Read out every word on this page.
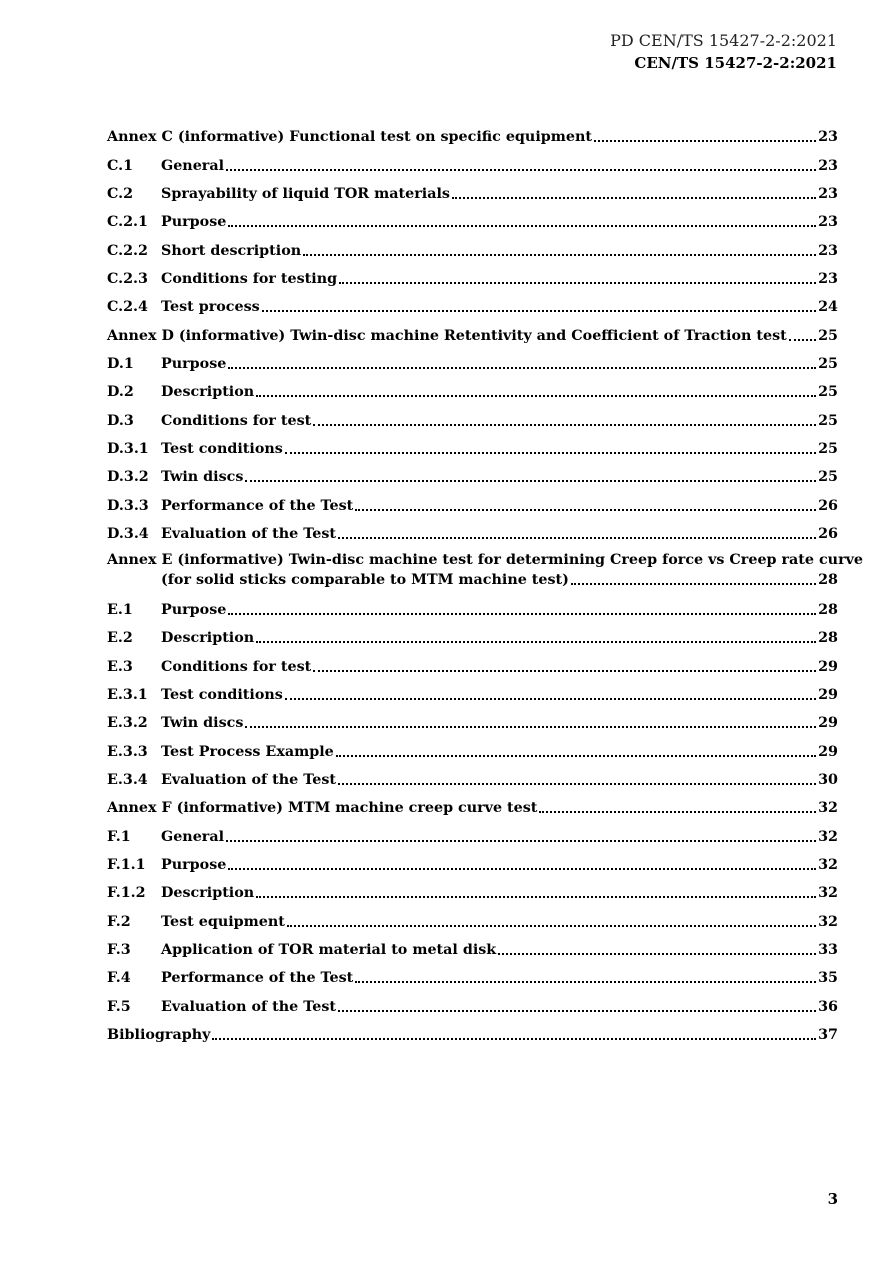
PD CEN/TS 15427-2-2:2021
CEN/TS 15427-2-2:2021
Annex C (informative) Functional test on specific equipment	23
C.1	General	23
C.2	Sprayability of liquid TOR materials	23
C.2.1 Purpose	23
C.2.2 Short description	23
C.2.3 Conditions for testing	23
C.2.4 Test process	24
Annex D (informative) Twin-disc machine Retentivity and Coefficient of Traction test 25
D.1	Purpose	25
D.2	Description	25
D.3	Conditions for test	25
D.3.1 Test conditions	25
D.3.2 Twin discs	25
D.3.3 Performance of the Test	26
D.3.4 Evaluation of the Test	26
Annex E (informative) Twin-disc machine test for determining Creep force vs Creep rate curve
(for solid sticks comparable to MTM machine test)	28
E.1	Purpose	28
E.2	Description	28
E.3	Conditions for test	29
E.3.1 Test conditions	29
E.3.2 Twin discs	29
E.3.3 Test Process Example	29
E.3.4 Evaluation of the Test	30
Annex F (informative) MTM machine creep curve test	32
F.1	General	32
F.1.1	Purpose	32
F.1.2	Description	32
F.2	Test equipment	32
F.3	Application of TOR material to metal disk	33
F.4	Performance of the Test	35
F.5	Evaluation of the Test	36
Bibliography	37
3
